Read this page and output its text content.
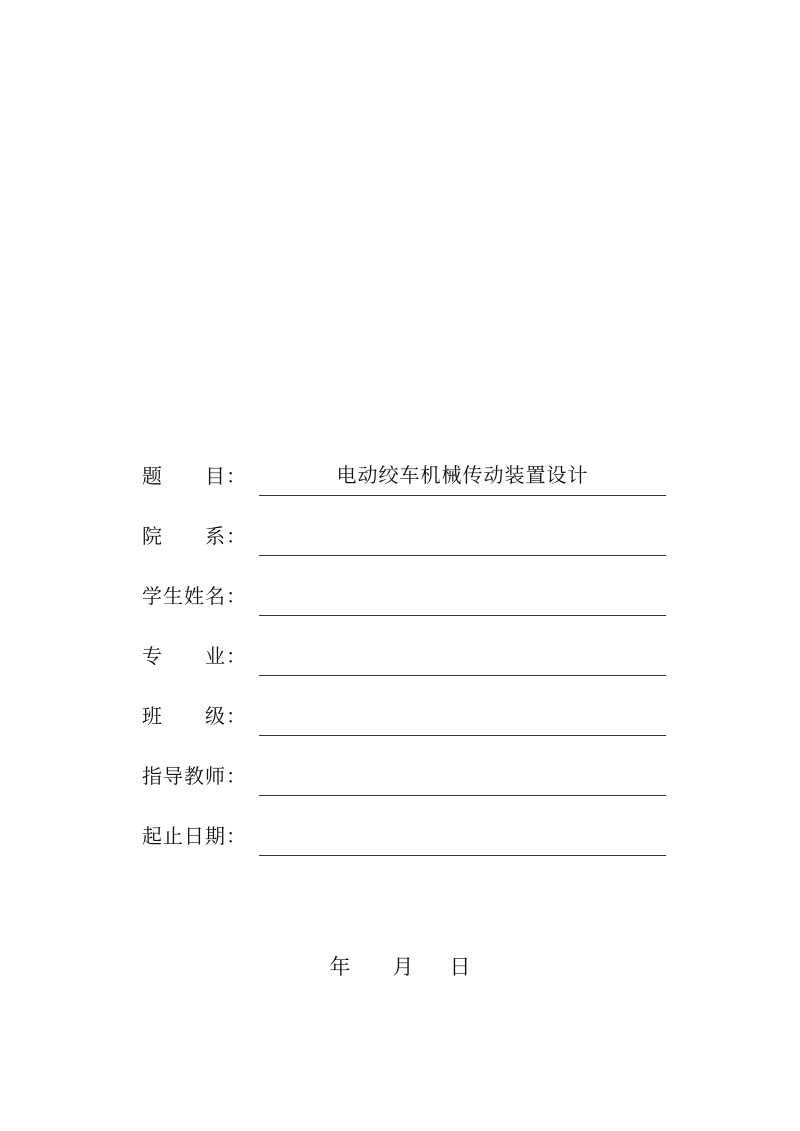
题 目：	电动绞车机械传动装置设计
院 系：
学生姓名：
专 业：
班 级：
指导教师：
起止日期：
年 月 日
